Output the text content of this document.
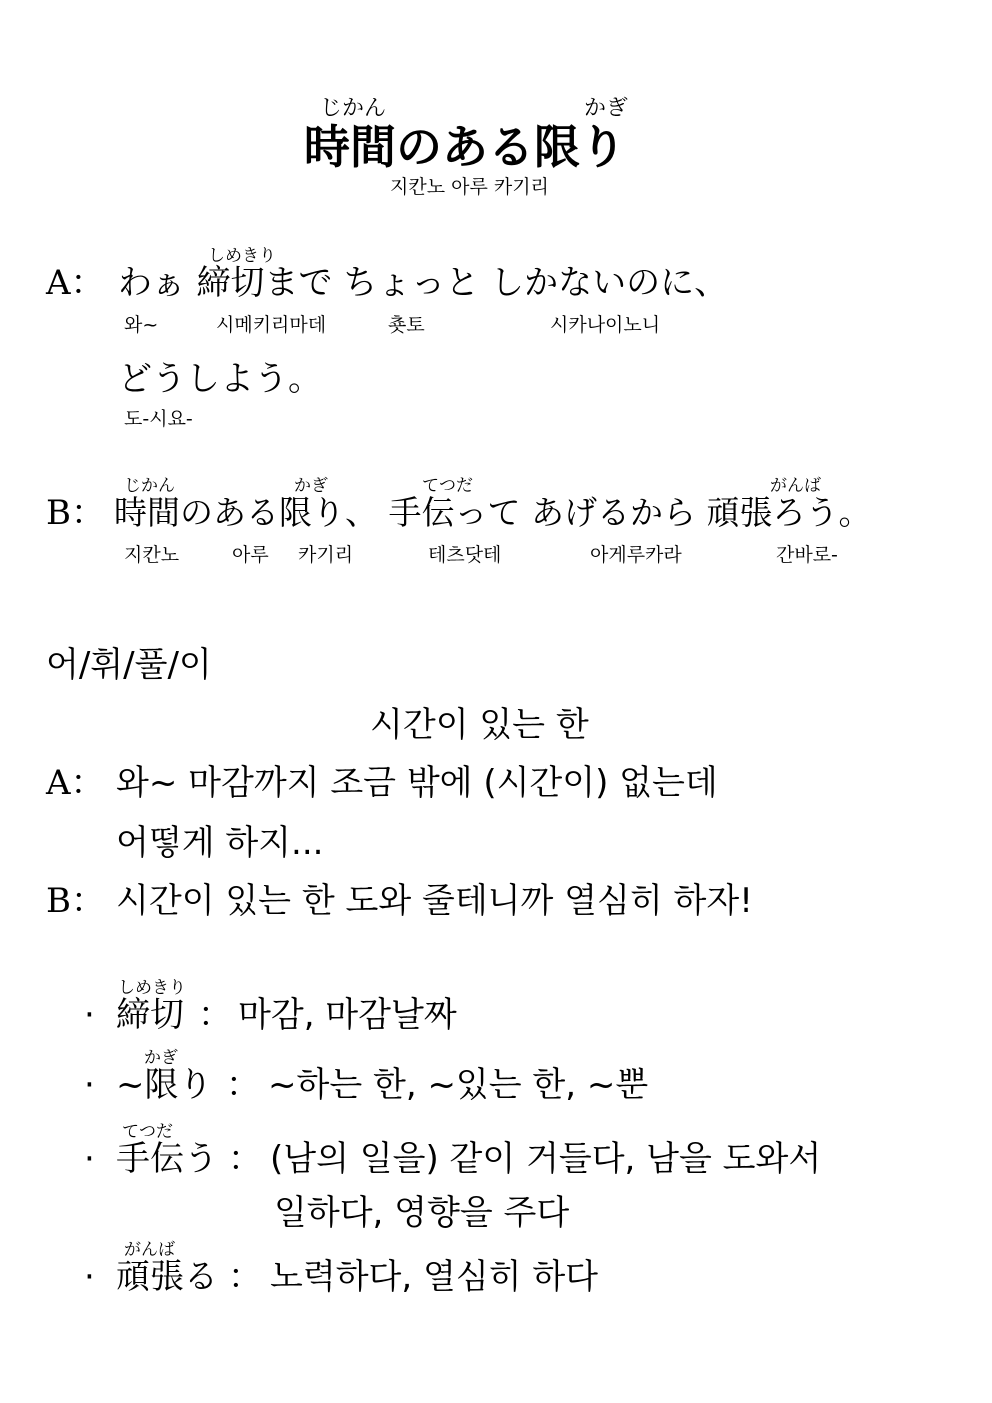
じかん	かぎ
時間のある限り
지칸노 아루 카기리
しめきり
A： わぁ 締切まで ちょっと しかないのに、
와~	시메키리마데	춋토	시카나이노니
どうしよう。
도-시요-
じかん	かぎ	てつだ	がんば
B： 時間のある限り、 手伝って あげるから 頑張ろう。
지칸노	아루 카기리	테츠닷테	아게루카라	간바로-
어/휘/풀/이
시간이 있는 한
A： 와~ 마감까지 조금 밖에 (시간이) 없는데
어떻게 하지...
B： 시간이 있는 한 도와 줄테니까 열심히 하자!
しめきり
· 締切 ： 마감, 마감날짜
かぎ
· ~限り ： ~하는 한, ~있는 한, ~뿐
てつだ
· 手伝う ： (남의 일을) 같이 거들다, 남을 도와서
일하다, 영향을 주다
がんば
· 頑張る ： 노력하다, 열심히 하다
